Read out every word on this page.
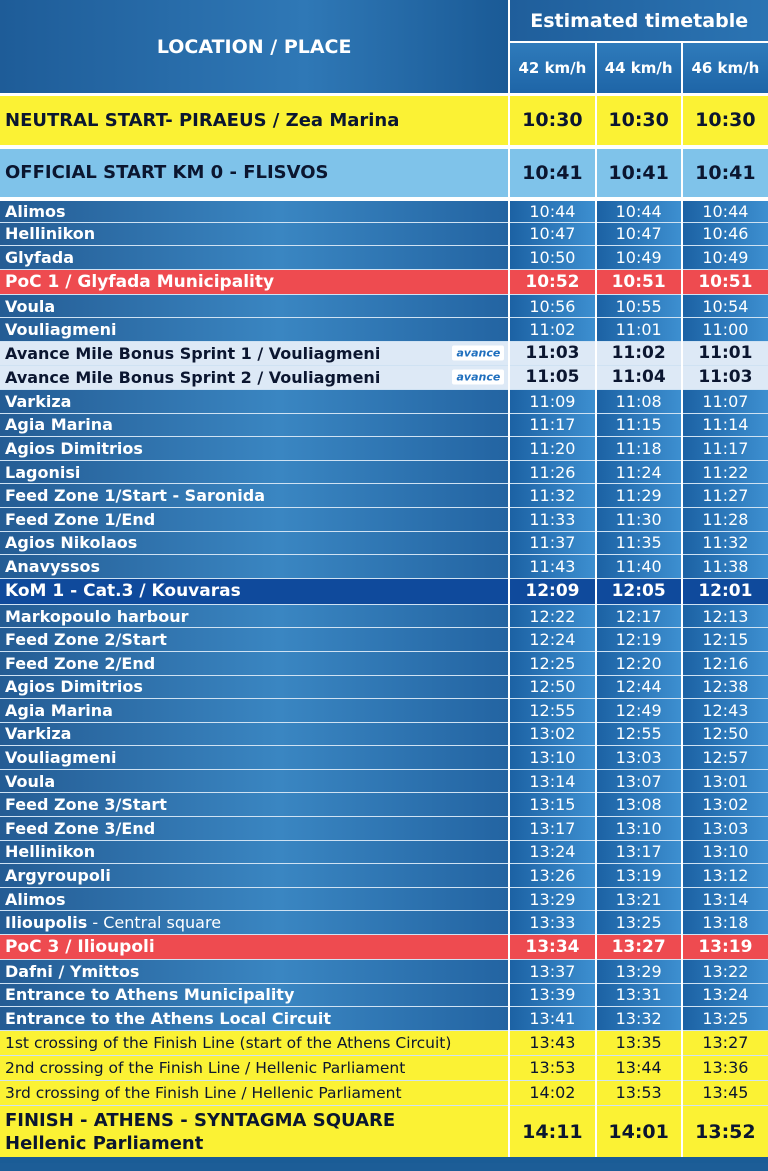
LOCATION / PLACE	Estimated timetable		
	42 km/h	44 km/h	46 km/h

NEUTRAL START- PIRAEUS / Zea Marina	10:30	10:30	10:30

OFFICIAL START KM 0 - FLISVOS	10:41	10:41	10:41

Alimos	10:44	10:44	10:44

Hellinikon	10:47	10:47	10:46

Glyfada	10:50	10:49	10:49

PoC 1 / Glyfada Municipality	10:52	10:51	10:51

Voula	10:56	10:55	10:54

Vouliagmeni	11:02	11:01	11:00

Avance Mile Bonus Sprint 1 / Vouliagmeni avance	11:03	11:02	11:01

Avance Mile Bonus Sprint 2 / Vouliagmeni avance	11:05	11:04	11:03

Varkiza	11:09	11:08	11:07

Agia Marina	11:17	11:15	11:14

Agios Dimitrios	11:20	11:18	11:17

Lagonisi	11:26	11:24	11:22

Feed Zone 1/Start - Saronida	11:32	11:29	11:27

Feed Zone 1/End	11:33	11:30	11:28

Agios Nikolaos	11:37	11:35	11:32

Anavyssos	11:43	11:40	11:38

KoM 1 - Cat.3 / Kouvaras	12:09	12:05	12:01

Markopoulo harbour	12:22	12:17	12:13

Feed Zone 2/Start	12:24	12:19	12:15

Feed Zone 2/End	12:25	12:20	12:16

Agios Dimitrios	12:50	12:44	12:38

Agia Marina	12:55	12:49	12:43

Varkiza	13:02	12:55	12:50

Vouliagmeni	13:10	13:03	12:57

Voula	13:14	13:07	13:01

Feed Zone 3/Start	13:15	13:08	13:02

Feed Zone 3/End	13:17	13:10	13:03

Hellinikon	13:24	13:17	13:10

Argyroupoli	13:26	13:19	13:12

Alimos	13:29	13:21	13:14

Ilioupolis - Central square	13:33	13:25	13:18

PoC 3 / Ilioupoli	13:34	13:27	13:19

Dafni / Ymittos	13:37	13:29	13:22

Entrance to Athens Municipality	13:39	13:31	13:24

Entrance to the Athens Local Circuit	13:41	13:32	13:25

1st crossing of the Finish Line (start of the Athens Circuit)	13:43	13:35	13:27

2nd crossing of the Finish Line / Hellenic Parliament	13:53	13:44	13:36

3rd crossing of the Finish Line / Hellenic Parliament	14:02	13:53	13:45

FINISH - ATHENS - SYNTAGMA SQUARE
Hellenic Parliament	14:11	14:01	13:52
